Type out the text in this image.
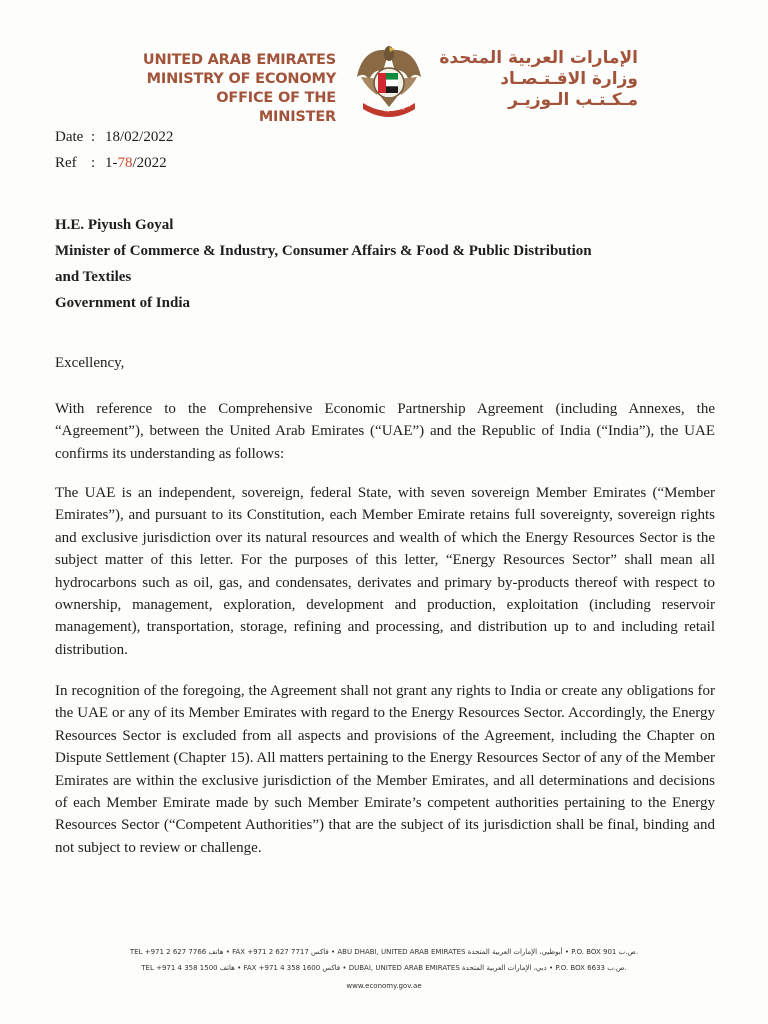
UNITED ARAB EMIRATES
MINISTRY OF ECONOMY
OFFICE OF THE MINISTER
الإمارات العربية المتحد
الإمارات العربية المتحدة
وزارة الاقـتـصـاد
مـكـتـب الـوزيـر
Date : 18/02/2022
Ref : 1-78/2022
H.E. Piyush Goyal
Minister of Commerce & Industry, Consumer Affairs & Food & Public Distribution
and Textiles
Government of India
Excellency,

With reference to the Comprehensive Economic Partnership Agreement (including Annexes, the “Agreement”), between the United Arab Emirates (“UAE”) and the Republic of India (“India”), the UAE confirms its understanding as follows:

The UAE is an independent, sovereign, federal State, with seven sovereign Member Emirates (“Member Emirates”), and pursuant to its Constitution, each Member Emirate retains full sovereignty, sovereign rights and exclusive jurisdiction over its natural resources and wealth of which the Energy Resources Sector is the subject matter of this letter. For the purposes of this letter, “Energy Resources Sector” shall mean all hydrocarbons such as oil, gas, and condensates, derivates and primary by-products thereof with respect to ownership, management, exploration, development and production, exploitation (including reservoir management), transportation, storage, refining and processing, and distribution up to and including retail distribution.

In recognition of the foregoing, the Agreement shall not grant any rights to India or create any obligations for the UAE or any of its Member Emirates with regard to the Energy Resources Sector. Accordingly, the Energy Resources Sector is excluded from all aspects and provisions of the Agreement, including the Chapter on Dispute Settlement (Chapter 15). All matters pertaining to the Energy Resources Sector of any of the Member Emirates are within the exclusive jurisdiction of the Member Emirates, and all determinations and decisions of each Member Emirate made by such Member Emirate’s competent authorities pertaining to the Energy Resources Sector (“Competent Authorities”) that are the subject of its jurisdiction shall be final, binding and not subject to review or challenge.

TEL +971 2 627 7766 هاتف • FAX +971 2 627 7717 فاكس • ABU DHABI, UNITED ARAB EMIRATES أبوظبي، الإمارات العربية المتحدة • P.O. BOX 901 ص.ب.
TEL +971 4 358 1500 هاتف • FAX +971 4 358 1600 فاكس • DUBAI, UNITED ARAB EMIRATES دبي، الإمارات العربية المتحدة • P.O. BOX 6633 ص.ب.
www.economy.gov.ae
